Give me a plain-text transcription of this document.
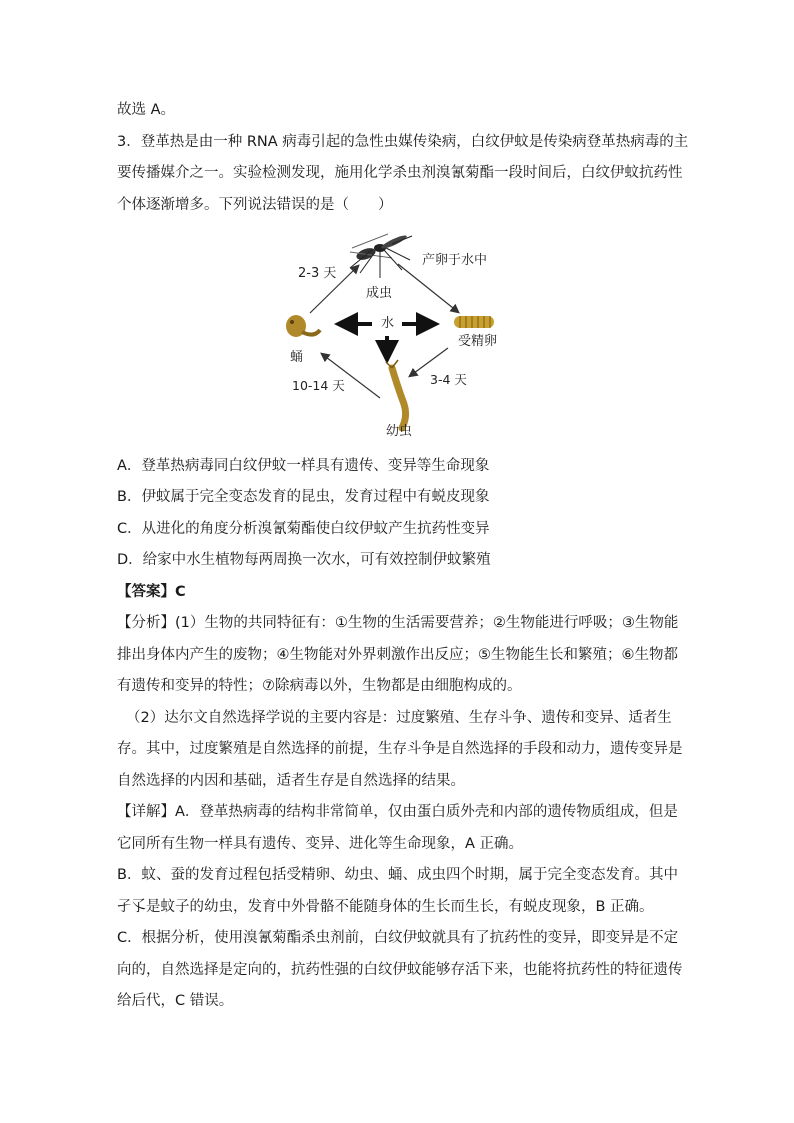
故选 A。
3．登革热是由一种 RNA 病毒引起的急性虫媒传染病，白纹伊蚊是传染病登革热病毒的主
要传播媒介之一。实验检测发现，施用化学杀虫剂溴氰菊酯一段时间后，白纹伊蚊抗药性
个体逐渐增多。下列说法错误的是（　　）
2-3 天
产卵于水中
成虫
水
受精卵
蛹
3-4 天
10-14 天
幼虫
A．登革热病毒同白纹伊蚊一样具有遗传、变异等生命现象
B．伊蚊属于完全变态发育的昆虫，发育过程中有蜕皮现象
C．从进化的角度分析溴氰菊酯使白纹伊蚊产生抗药性变异
D．给家中水生植物每两周换一次水，可有效控制伊蚊繁殖
【答案】C
【分析】(1）生物的共同特征有：①生物的生活需要营养；②生物能进行呼吸；③生物能
排出身体内产生的废物；④生物能对外界刺激作出反应；⑤生物能生长和繁殖；⑥生物都
有遗传和变异的特性；⑦除病毒以外，生物都是由细胞构成的。
（2）达尔文自然选择学说的主要内容是：过度繁殖、生存斗争、遗传和变异、适者生
存。其中，过度繁殖是自然选择的前提，生存斗争是自然选择的手段和动力，遗传变异是
自然选择的内因和基础，适者生存是自然选择的结果。
【详解】A．登革热病毒的结构非常简单，仅由蛋白质外壳和内部的遗传物质组成，但是
它同所有生物一样具有遗传、变异、进化等生命现象，A 正确。
B．蚊、蚕的发育过程包括受精卵、幼虫、蛹、成虫四个时期，属于完全变态发育。其中
孑孓是蚊子的幼虫，发育中外骨骼不能随身体的生长而生长，有蜕皮现象，B 正确。
C．根据分析，使用溴氰菊酯杀虫剂前，白纹伊蚊就具有了抗药性的变异，即变异是不定
向的，自然选择是定向的，抗药性强的白纹伊蚊能够存活下来，也能将抗药性的特征遗传
给后代，C 错误。
